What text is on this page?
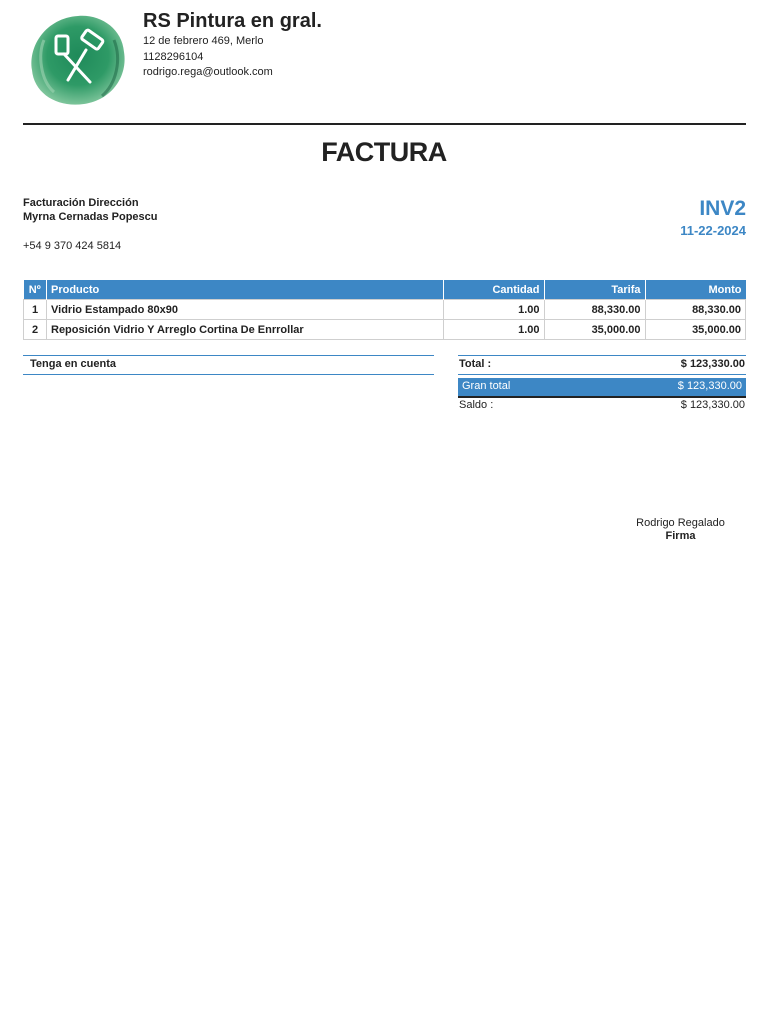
RS Pintura en gral.
12 de febrero 469, Merlo
1128296104
rodrigo.rega@outlook.com
FACTURA
Facturación Dirección
Myrna Cernadas Popescu
+54 9 370 424 5814
INV2
11-22-2024
Nº	Producto	Cantidad	Tarifa	Monto
1	Vidrio Estampado 80x90	1.00	88,330.00	88,330.00
2	Reposición Vidrio Y Arreglo Cortina De Enrrollar	1.00	35,000.00	35,000.00
Tenga en cuenta	Total :	$ 123,330.00
Gran total	$ 123,330.00
Saldo :	$ 123,330.00
Rodrigo Regalado
Firma
